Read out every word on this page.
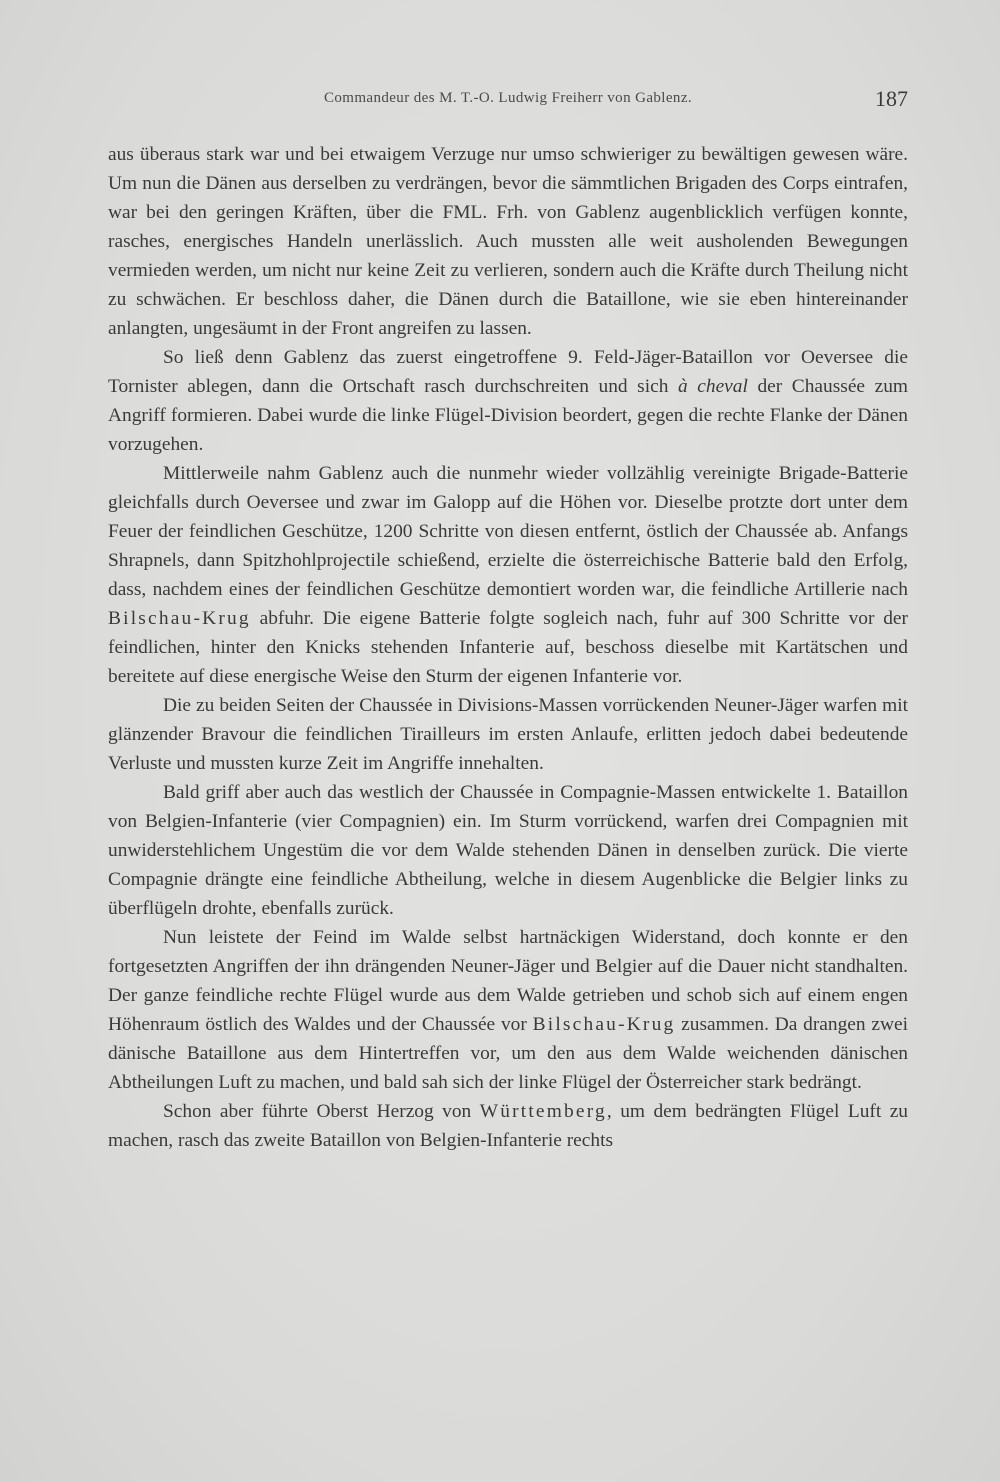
Commandeur des M. T.-O. Ludwig Freiherr von Gablenz.	187

aus überaus stark war und bei etwaigem Verzuge nur umso schwieriger zu bewältigen gewesen wäre. Um nun die Dänen aus derselben zu verdrängen, bevor die sämmtlichen Brigaden des Corps eintrafen, war bei den geringen Kräften, über die FML. Frh. von Gablenz augenblicklich verfügen konnte, rasches, energisches Handeln unerlässlich. Auch mussten alle weit ausholenden Bewegungen vermieden werden, um nicht nur keine Zeit zu verlieren, sondern auch die Kräfte durch Theilung nicht zu schwächen. Er beschloss daher, die Dänen durch die Bataillone, wie sie eben hintereinander anlangten, ungesäumt in der Front angreifen zu lassen.

So ließ denn Gablenz das zuerst eingetroffene 9. Feld-Jäger-Bataillon vor Oeversee die Tornister ablegen, dann die Ortschaft rasch durchschreiten und sich à cheval der Chaussée zum Angriff formieren. Dabei wurde die linke Flügel-Division beordert, gegen die rechte Flanke der Dänen vorzugehen.

Mittlerweile nahm Gablenz auch die nunmehr wieder vollzählig vereinigte Brigade-Batterie gleichfalls durch Oeversee und zwar im Galopp auf die Höhen vor. Dieselbe protzte dort unter dem Feuer der feindlichen Geschütze, 1200 Schritte von diesen entfernt, östlich der Chaussée ab. Anfangs Shrapnels, dann Spitzhohlprojectile schießend, erzielte die österreichische Batterie bald den Erfolg, dass, nachdem eines der feindlichen Geschütze demontiert worden war, die feindliche Artillerie nach Bilschau-Krug abfuhr. Die eigene Batterie folgte sogleich nach, fuhr auf 300 Schritte vor der feindlichen, hinter den Knicks stehenden Infanterie auf, beschoss dieselbe mit Kartätschen und bereitete auf diese energische Weise den Sturm der eigenen Infanterie vor.

Die zu beiden Seiten der Chaussée in Divisions-Massen vorrückenden Neuner-Jäger warfen mit glänzender Bravour die feindlichen Tirailleurs im ersten Anlaufe, erlitten jedoch dabei bedeutende Verluste und mussten kurze Zeit im Angriffe innehalten.

Bald griff aber auch das westlich der Chaussée in Compagnie-Massen entwickelte 1. Bataillon von Belgien-Infanterie (vier Compagnien) ein. Im Sturm vorrückend, warfen drei Compagnien mit unwiderstehlichem Ungestüm die vor dem Walde stehenden Dänen in denselben zurück. Die vierte Compagnie drängte eine feindliche Abtheilung, welche in diesem Augenblicke die Belgier links zu überflügeln drohte, ebenfalls zurück.

Nun leistete der Feind im Walde selbst hartnäckigen Widerstand, doch konnte er den fortgesetzten Angriffen der ihn drängenden Neuner-Jäger und Belgier auf die Dauer nicht standhalten. Der ganze feindliche rechte Flügel wurde aus dem Walde getrieben und schob sich auf einem engen Höhenraum östlich des Waldes und der Chaussée vor Bilschau-Krug zusammen. Da drangen zwei dänische Bataillone aus dem Hintertreffen vor, um den aus dem Walde weichenden dänischen Abtheilungen Luft zu machen, und bald sah sich der linke Flügel der Österreicher stark bedrängt.

Schon aber führte Oberst Herzog von Württemberg, um dem bedrängten Flügel Luft zu machen, rasch das zweite Bataillon von Belgien-Infanterie rechts
